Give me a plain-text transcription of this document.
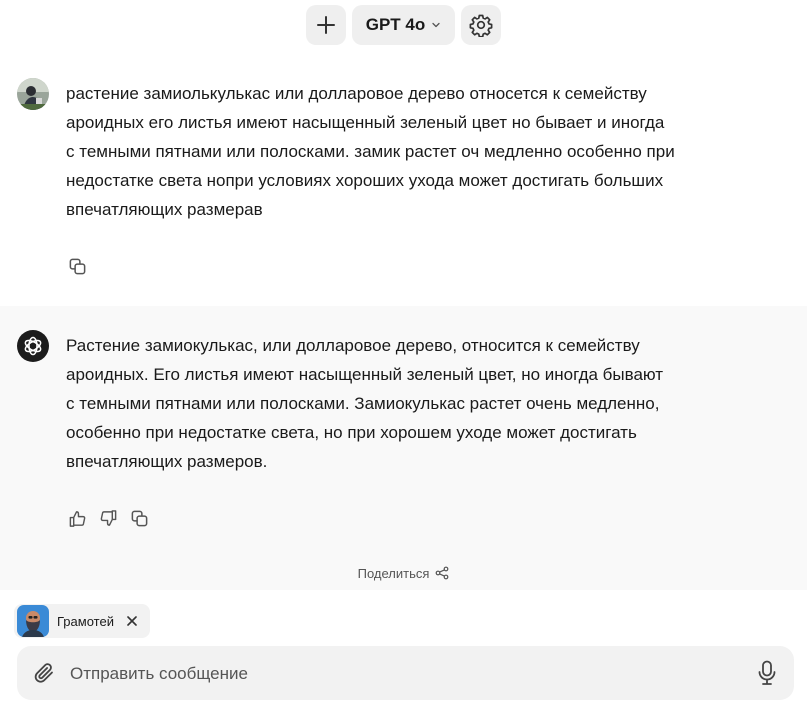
GPT 4o
растение замиолькулькас или долларовое дерево относется к семейству ароидных его листья имеют насыщенный зеленый цвет но бывает и иногда с темными пятнами или полосками. замик растет оч медленно особенно при недостатке света нопри условиях хороших ухода может достигать больших впечатляющих размерав
Растение замиокулькас, или долларовое дерево, относится к семейству ароидных. Его листья имеют насыщенный зеленый цвет, но иногда бывают с темными пятнами или полосками. Замиокулькас растет очень медленно, особенно при недостатке света, но при хорошем уходе может достигать впечатляющих размеров.
Поделиться
Грамотей
Отправить сообщение
